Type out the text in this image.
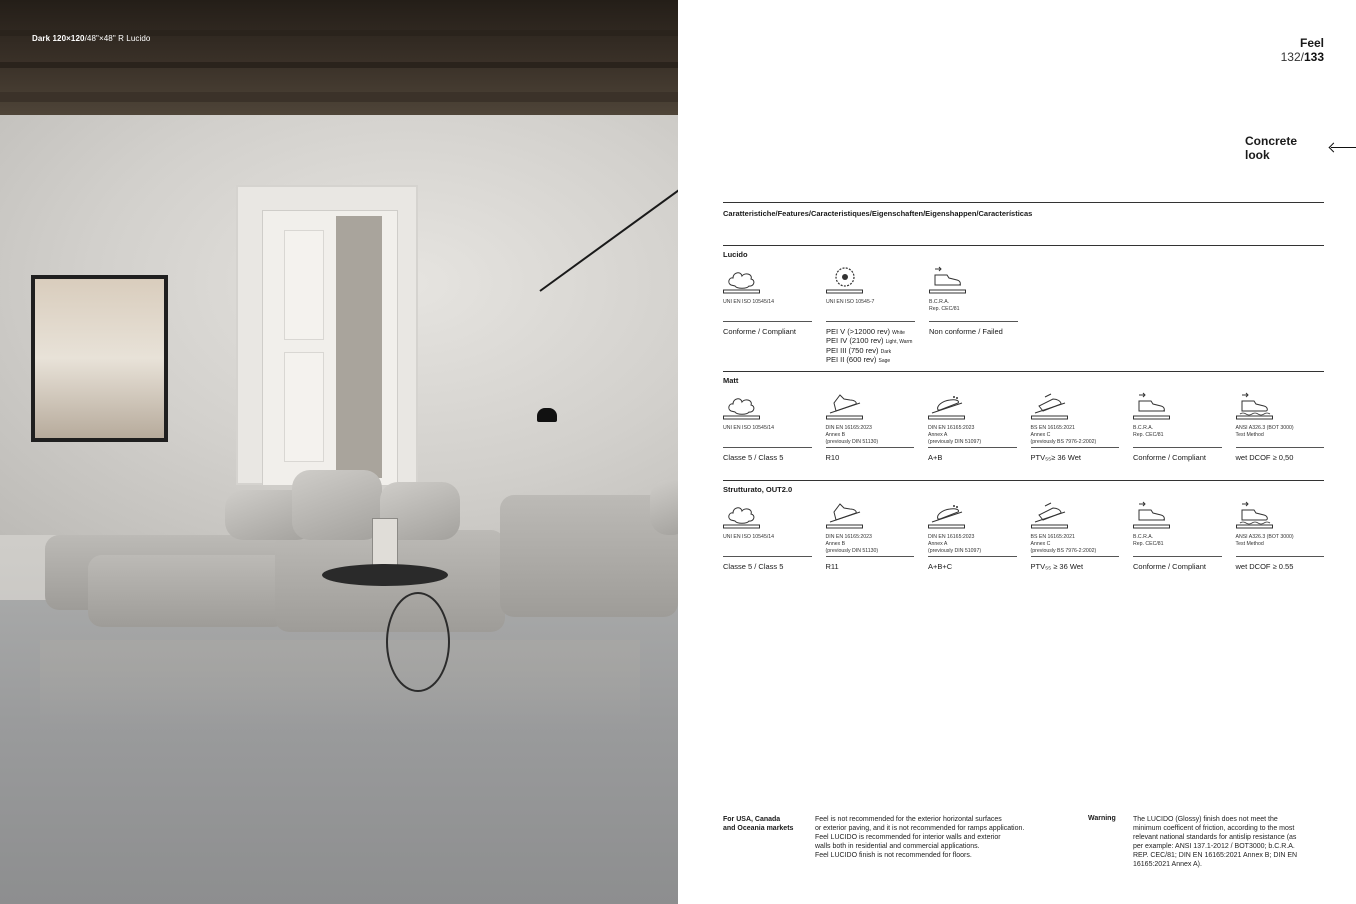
Dark 120×120/48"×48" R Lucido	Feel
132/133
Concrete look
Caratteristiche/Features/Caracteristiques/Eigenschaften/Eigenshappen/Características
Lucido
UNI EN ISO 10545/14
Conforme / Compliant
UNI EN ISO 10545-7
PEI V (>12000 rev) White
PEI IV (2100 rev) Light, Warm
PEI III (750 rev) Dark
PEI II (600 rev) Sage
B.C.R.A.
Rep. CEC/81
Non conforme / Failed
Matt
UNI EN ISO 10545/14
Classe 5 / Class 5
DIN EN 16165:2023
Annex B
(previously DIN 51130)
R10
DIN EN 16165:2023
Annex A
(previously DIN 51097)
A+B
BS EN 16165:2021
Annex C
(previously BS 7976-2:2002)
PTV₅₅≥ 36 Wet
B.C.R.A.
Rep. CEC/81
Conforme / Compliant
ANSI A326.3 (BOT 3000)
Test Method
wet DCOF ≥ 0,50
Strutturato, OUT2.0
UNI EN ISO 10545/14
Classe 5 / Class 5
DIN EN 16165:2023
Annex B
(previously DIN 51130)
R11
DIN EN 16165:2023
Annex A
(previously DIN 51097)
A+B+C
BS EN 16165:2021
Annex C
(previously BS 7976-2:2002)
PTV₅₅ ≥ 36 Wet
B.C.R.A.
Rep. CEC/81
Conforme / Compliant
ANSI A326.3 (BOT 3000)
Test Method
wet DCOF ≥ 0.55
For USA, Canada
and Oceania markets
Feel is not recommended for the exterior horizontal surfaces
or exterior paving, and it is not recommended for ramps application.
Feel LUCIDO is recommended for interior walls and exterior
walls both in residential and commercial applications.
Feel LUCIDO finish is not recommended for floors.
Warning The LUCIDO (Glossy) finish does not meet the
minimum coefficent of friction, according to the most
relevant national standards for antislip resistance (as
per example: ANSI 137.1-2012 / BOT3000; b.C.R.A.
REP. CEC/81; DIN EN 16165:2021 Annex B; DIN EN
16165:2021 Annex A).
